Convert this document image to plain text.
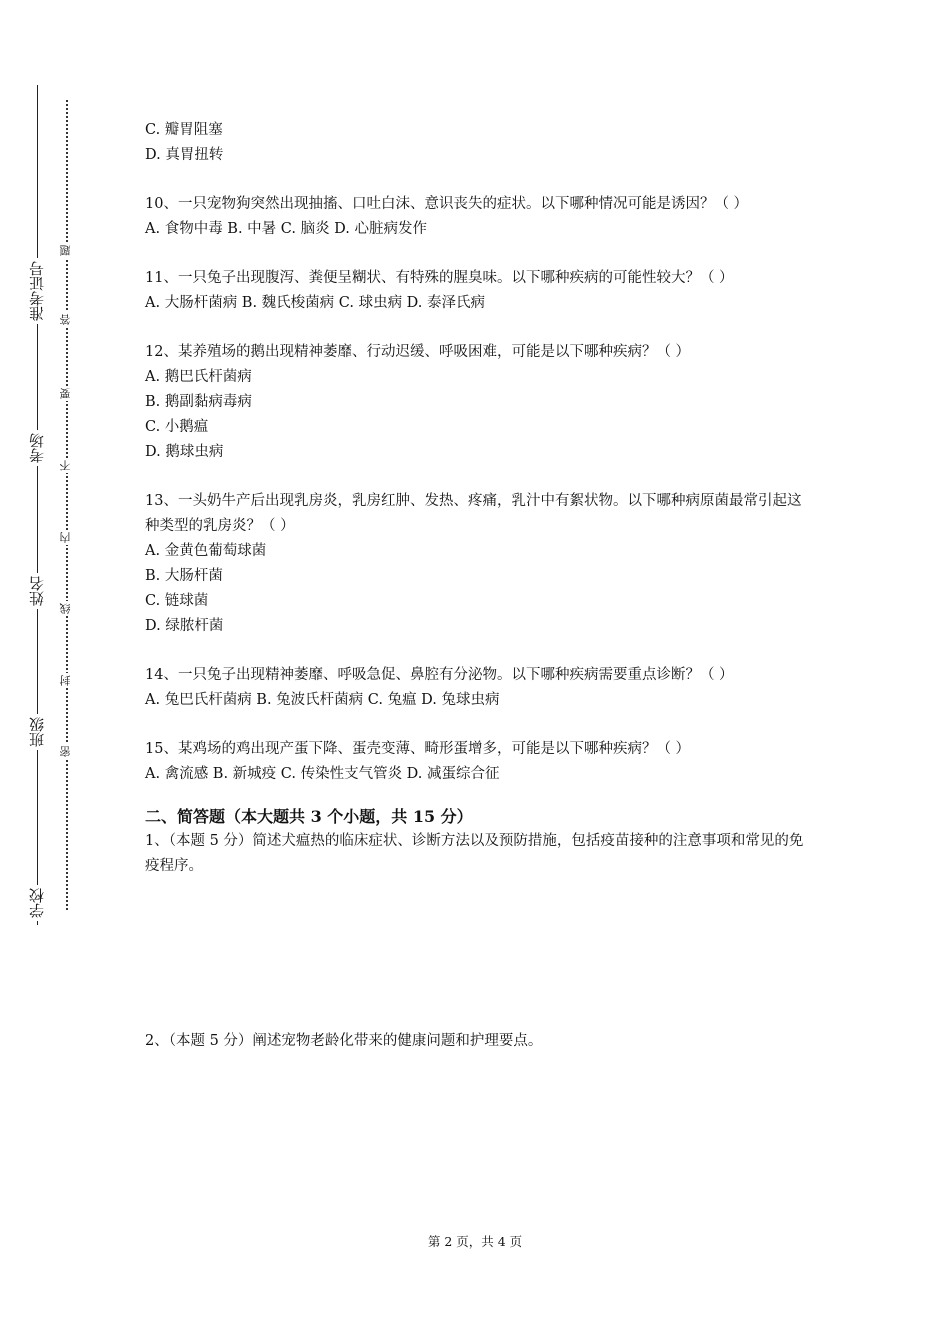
准考证号
考场
姓名
班级
学校
题
答
要
不
内
线
封
密
C. 瓣胃阻塞
D. 真胃扭转
10、一只宠物狗突然出现抽搐、口吐白沫、意识丧失的症状。以下哪种情况可能是诱因？（ ）
A. 食物中毒 B. 中暑 C. 脑炎 D. 心脏病发作
11、一只兔子出现腹泻、粪便呈糊状、有特殊的腥臭味。以下哪种疾病的可能性较大？（ ）
A. 大肠杆菌病 B. 魏氏梭菌病 C. 球虫病 D. 泰泽氏病
12、某养殖场的鹅出现精神萎靡、行动迟缓、呼吸困难，可能是以下哪种疾病？（ ）
A. 鹅巴氏杆菌病
B. 鹅副黏病毒病
C. 小鹅瘟
D. 鹅球虫病
13、一头奶牛产后出现乳房炎，乳房红肿、发热、疼痛，乳汁中有絮状物。以下哪种病原菌最常引起这种类型的乳房炎？（ ）
A. 金黄色葡萄球菌
B. 大肠杆菌
C. 链球菌
D. 绿脓杆菌
14、一只兔子出现精神萎靡、呼吸急促、鼻腔有分泌物。以下哪种疾病需要重点诊断？（ ）
A. 兔巴氏杆菌病 B. 兔波氏杆菌病 C. 兔瘟 D. 兔球虫病
15、某鸡场的鸡出现产蛋下降、蛋壳变薄、畸形蛋增多，可能是以下哪种疾病？（ ）
A. 禽流感 B. 新城疫 C. 传染性支气管炎 D. 减蛋综合征
二、简答题（本大题共 3 个小题，共 15 分）
1、（本题 5 分）简述犬瘟热的临床症状、诊断方法以及预防措施，包括疫苗接种的注意事项和常见的免疫程序。
2、（本题 5 分）阐述宠物老龄化带来的健康问题和护理要点。
第 2 页，共 4 页
